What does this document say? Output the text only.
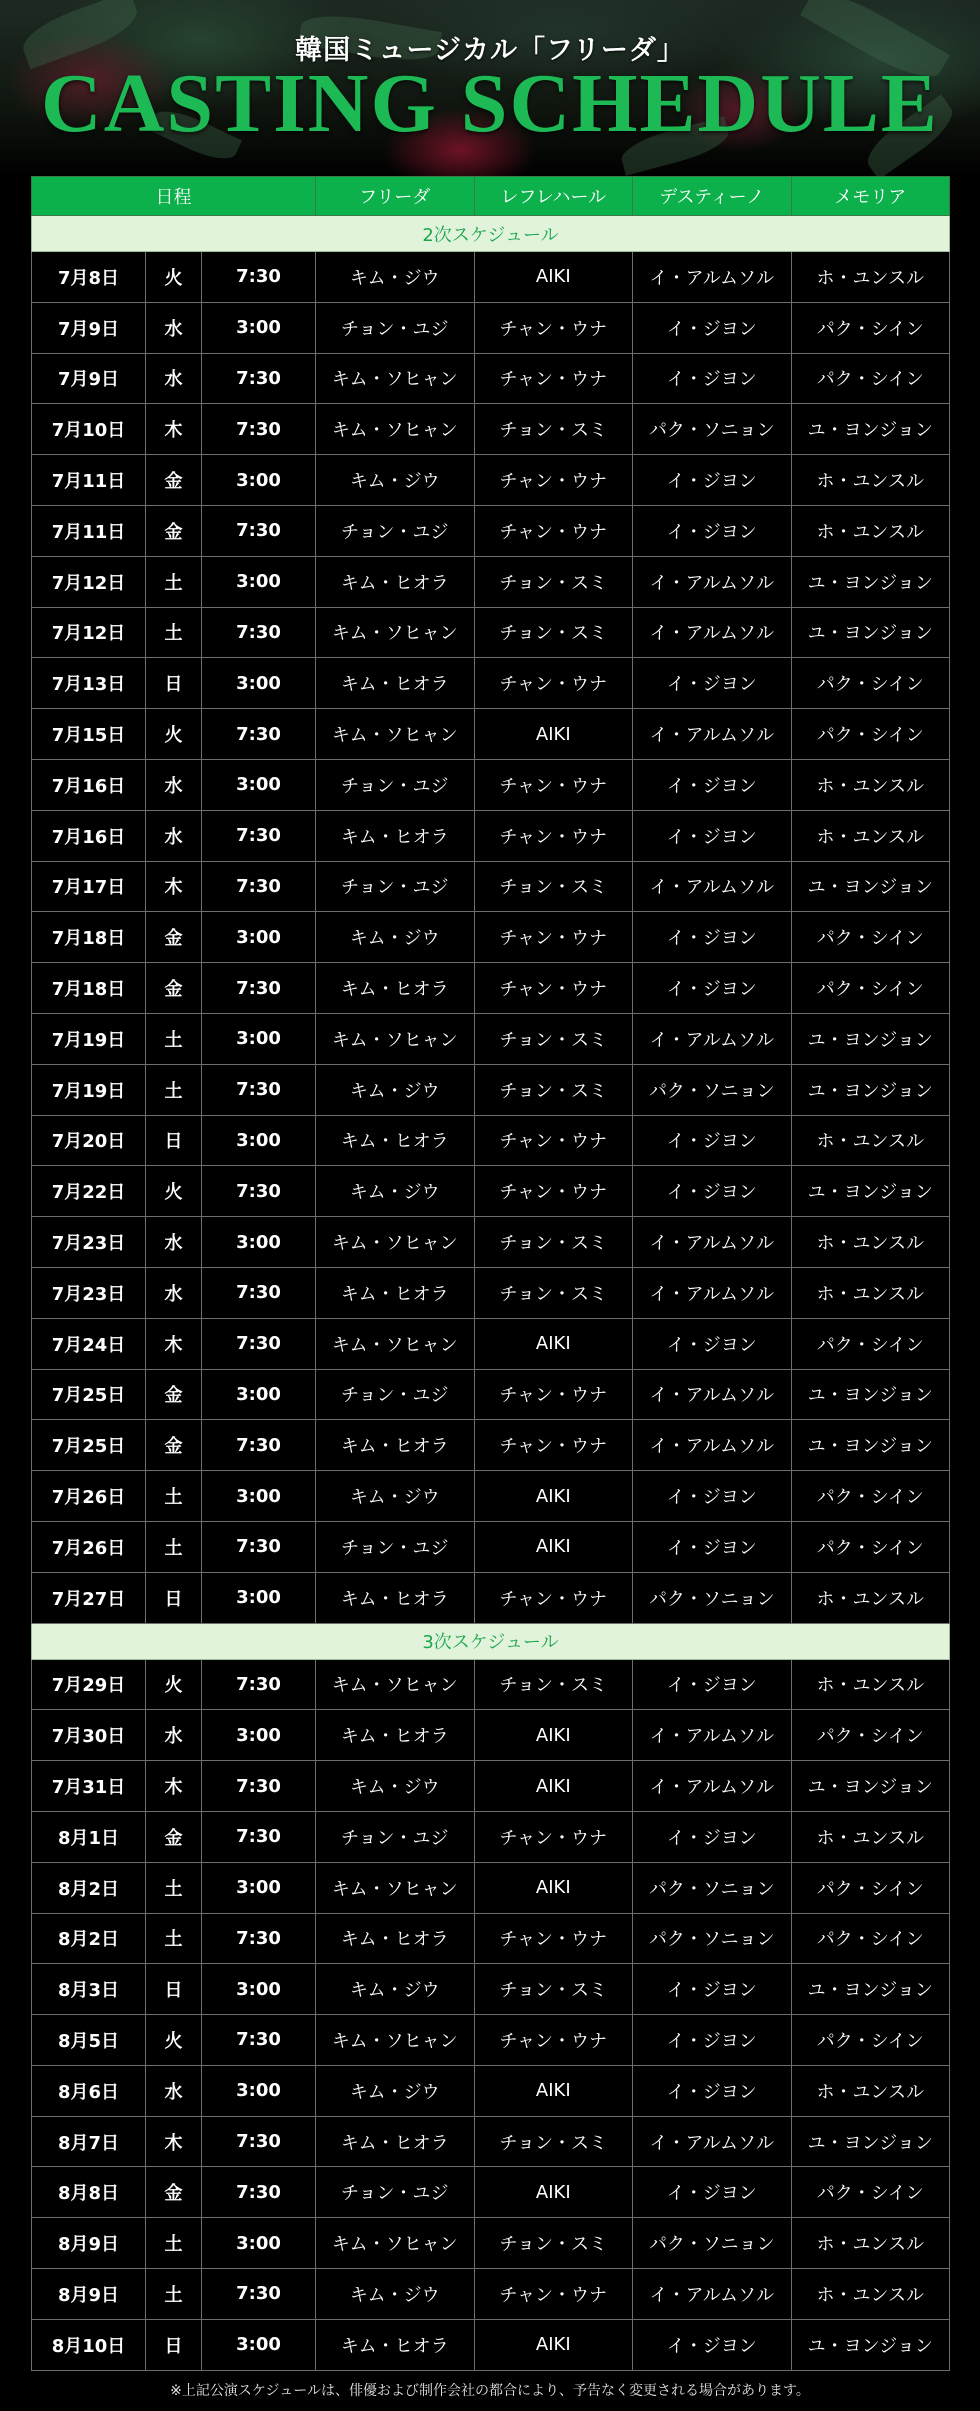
韓国ミュージカル「フリーダ」
CASTING SCHEDULE
日程			フリーダ	レフレハール	デスティーノ	メモリア
2次スケジュール						
7月8日	火	7:30	キム・ジウ	AIKI	イ・アルムソル	ホ・ユンスル
7月9日	水	3:00	チョン・ユジ	チャン・ウナ	イ・ジヨン	パク・シイン
7月9日	水	7:30	キム・ソヒャン	チャン・ウナ	イ・ジヨン	パク・シイン
7月10日	木	7:30	キム・ソヒャン	チョン・スミ	パク・ソニョン	ユ・ヨンジョン
7月11日	金	3:00	キム・ジウ	チャン・ウナ	イ・ジヨン	ホ・ユンスル
7月11日	金	7:30	チョン・ユジ	チャン・ウナ	イ・ジヨン	ホ・ユンスル
7月12日	土	3:00	キム・ヒオラ	チョン・スミ	イ・アルムソル	ユ・ヨンジョン
7月12日	土	7:30	キム・ソヒャン	チョン・スミ	イ・アルムソル	ユ・ヨンジョン
7月13日	日	3:00	キム・ヒオラ	チャン・ウナ	イ・ジヨン	パク・シイン
7月15日	火	7:30	キム・ソヒャン	AIKI	イ・アルムソル	パク・シイン
7月16日	水	3:00	チョン・ユジ	チャン・ウナ	イ・ジヨン	ホ・ユンスル
7月16日	水	7:30	キム・ヒオラ	チャン・ウナ	イ・ジヨン	ホ・ユンスル
7月17日	木	7:30	チョン・ユジ	チョン・スミ	イ・アルムソル	ユ・ヨンジョン
7月18日	金	3:00	キム・ジウ	チャン・ウナ	イ・ジヨン	パク・シイン
7月18日	金	7:30	キム・ヒオラ	チャン・ウナ	イ・ジヨン	パク・シイン
7月19日	土	3:00	キム・ソヒャン	チョン・スミ	イ・アルムソル	ユ・ヨンジョン
7月19日	土	7:30	キム・ジウ	チョン・スミ	パク・ソニョン	ユ・ヨンジョン
7月20日	日	3:00	キム・ヒオラ	チャン・ウナ	イ・ジヨン	ホ・ユンスル
7月22日	火	7:30	キム・ジウ	チャン・ウナ	イ・ジヨン	ユ・ヨンジョン
7月23日	水	3:00	キム・ソヒャン	チョン・スミ	イ・アルムソル	ホ・ユンスル
7月23日	水	7:30	キム・ヒオラ	チョン・スミ	イ・アルムソル	ホ・ユンスル
7月24日	木	7:30	キム・ソヒャン	AIKI	イ・ジヨン	パク・シイン
7月25日	金	3:00	チョン・ユジ	チャン・ウナ	イ・アルムソル	ユ・ヨンジョン
7月25日	金	7:30	キム・ヒオラ	チャン・ウナ	イ・アルムソル	ユ・ヨンジョン
7月26日	土	3:00	キム・ジウ	AIKI	イ・ジヨン	パク・シイン
7月26日	土	7:30	チョン・ユジ	AIKI	イ・ジヨン	パク・シイン
7月27日	日	3:00	キム・ヒオラ	チャン・ウナ	パク・ソニョン	ホ・ユンスル
3次スケジュール						
7月29日	火	7:30	キム・ソヒャン	チョン・スミ	イ・ジヨン	ホ・ユンスル
7月30日	水	3:00	キム・ヒオラ	AIKI	イ・アルムソル	パク・シイン
7月31日	木	7:30	キム・ジウ	AIKI	イ・アルムソル	ユ・ヨンジョン
8月1日	金	7:30	チョン・ユジ	チャン・ウナ	イ・ジヨン	ホ・ユンスル
8月2日	土	3:00	キム・ソヒャン	AIKI	パク・ソニョン	パク・シイン
8月2日	土	7:30	キム・ヒオラ	チャン・ウナ	パク・ソニョン	パク・シイン
8月3日	日	3:00	キム・ジウ	チョン・スミ	イ・ジヨン	ユ・ヨンジョン
8月5日	火	7:30	キム・ソヒャン	チャン・ウナ	イ・ジヨン	パク・シイン
8月6日	水	3:00	キム・ジウ	AIKI	イ・ジヨン	ホ・ユンスル
8月7日	木	7:30	キム・ヒオラ	チョン・スミ	イ・アルムソル	ユ・ヨンジョン
8月8日	金	7:30	チョン・ユジ	AIKI	イ・ジヨン	パク・シイン
8月9日	土	3:00	キム・ソヒャン	チョン・スミ	パク・ソニョン	ホ・ユンスル
8月9日	土	7:30	キム・ジウ	チャン・ウナ	イ・アルムソル	ホ・ユンスル
8月10日	日	3:00	キム・ヒオラ	AIKI	イ・ジヨン	ユ・ヨンジョン
※上記公演スケジュールは、俳優および制作会社の都合により、予告なく変更される場合があります。
